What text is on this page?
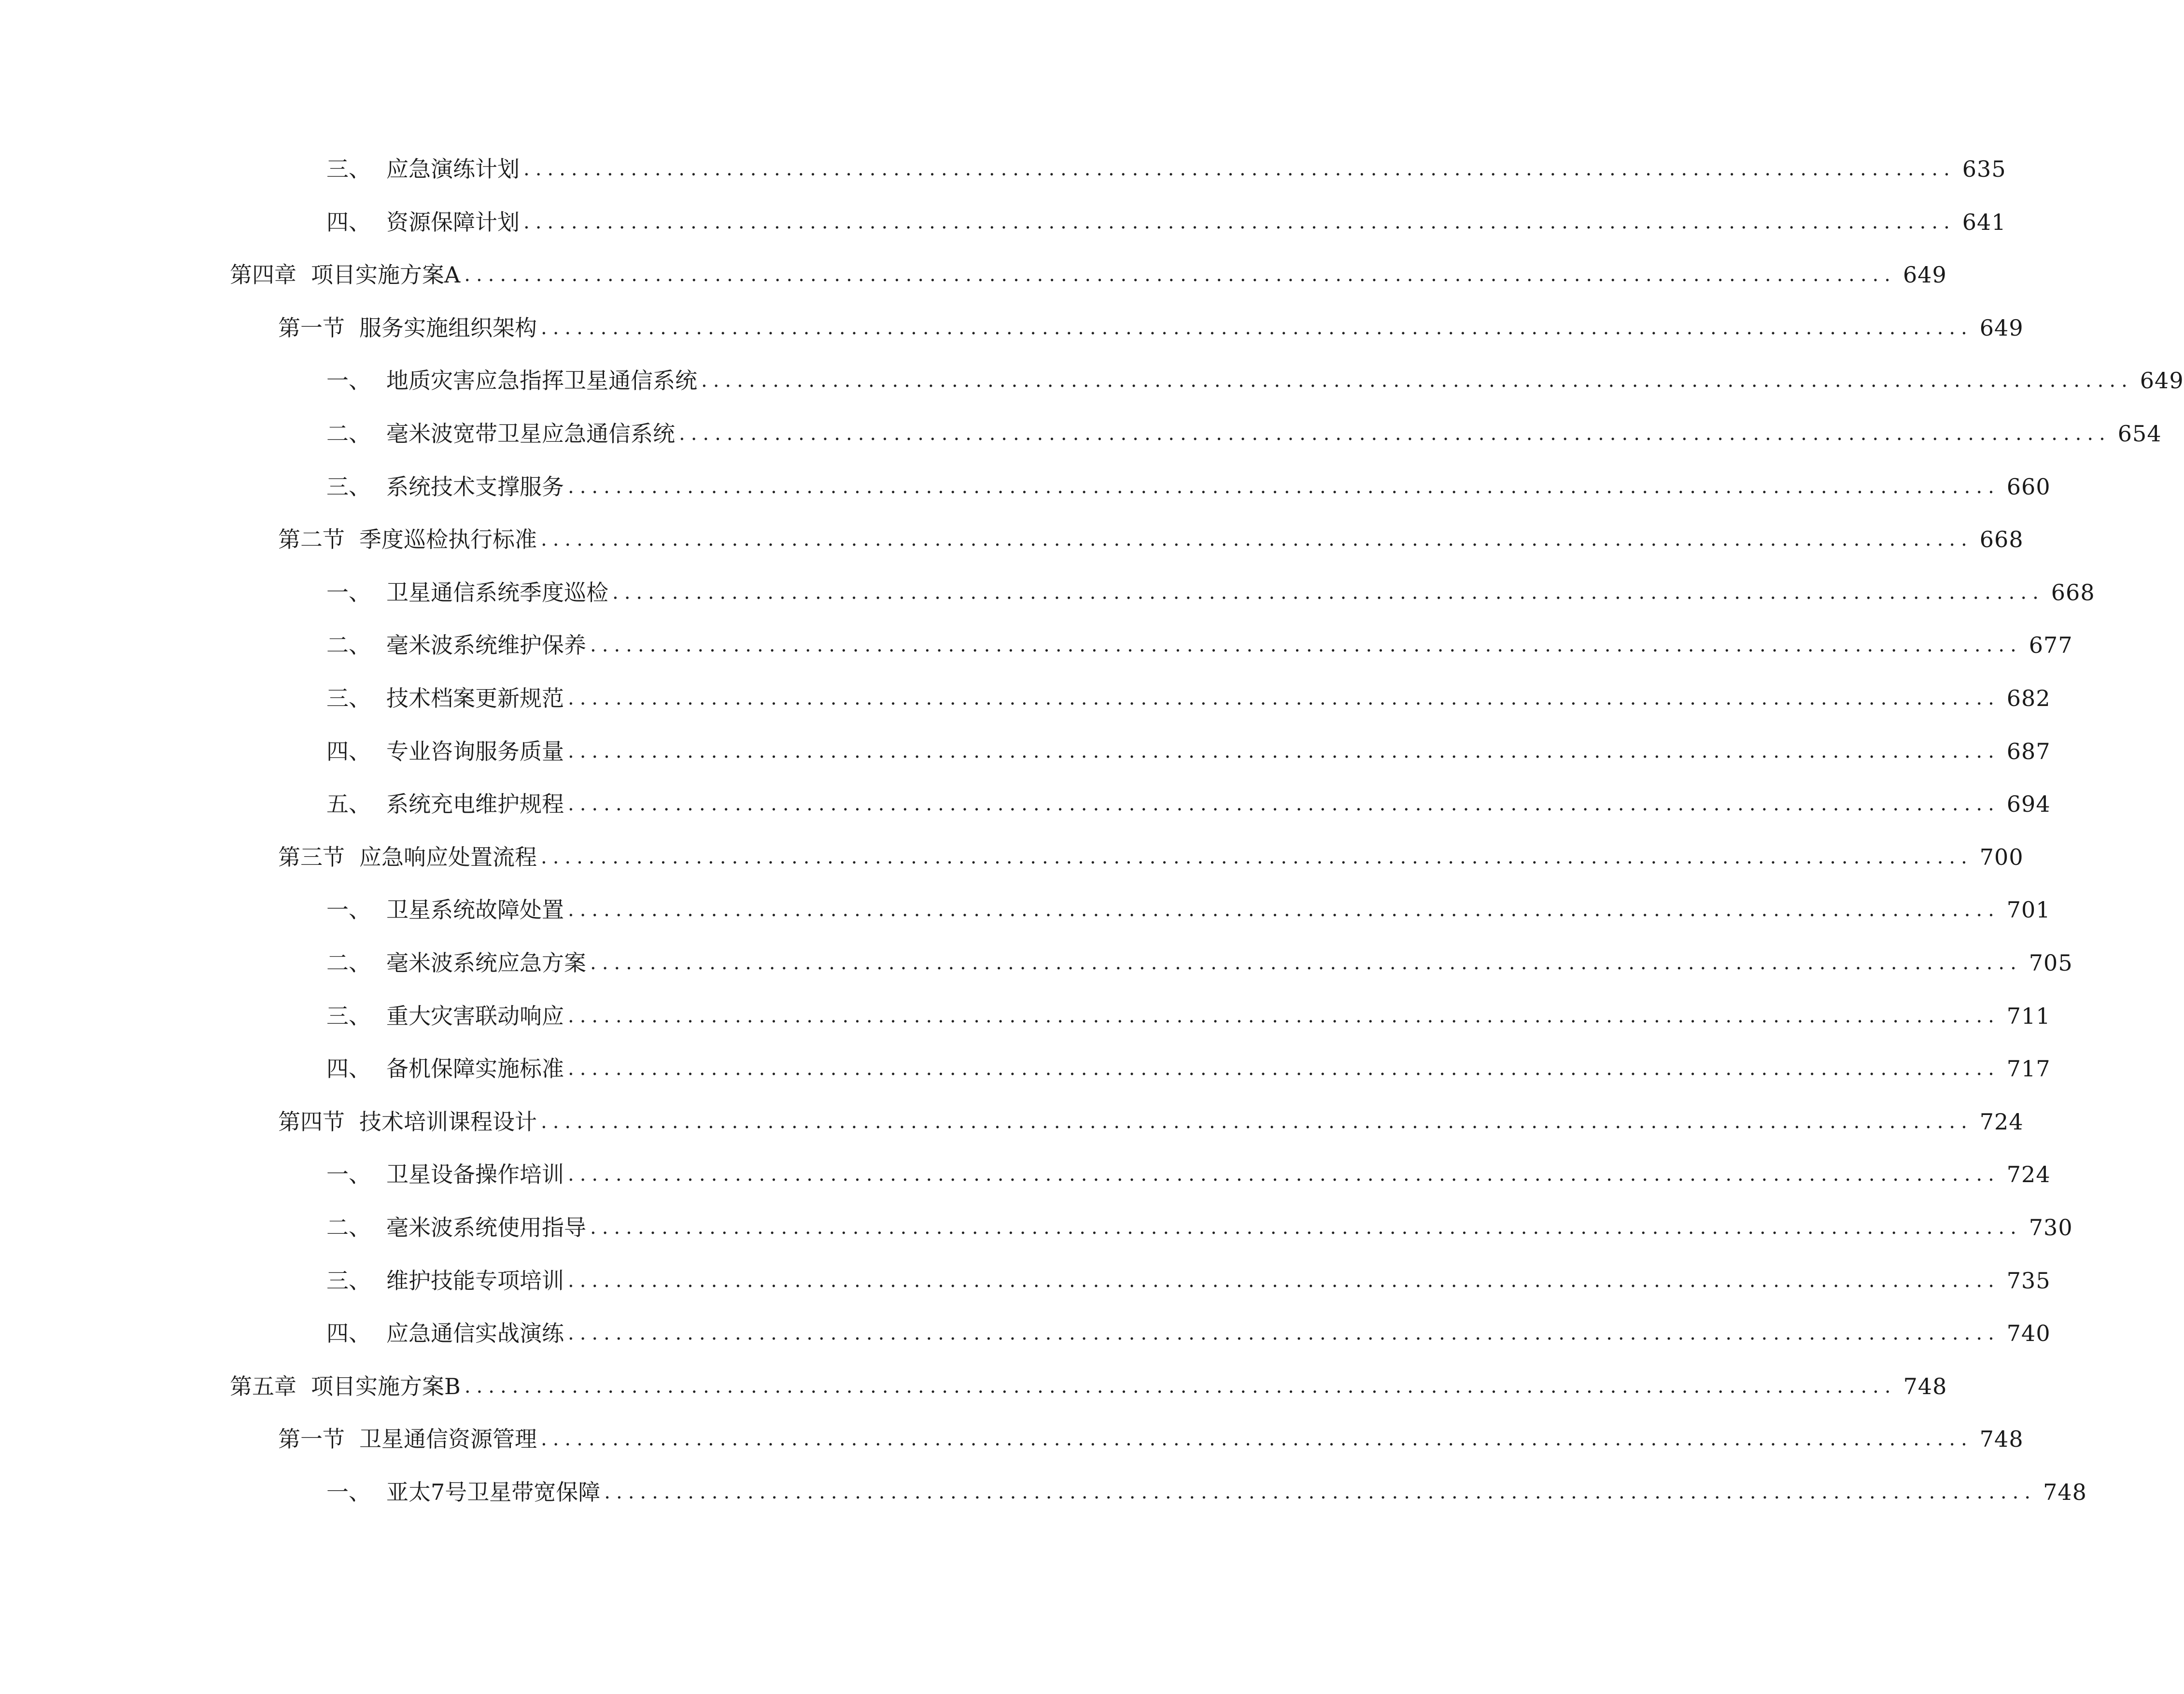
三、 应急演练计划 ........................................................................................................................ 635
四、 资源保障计划 ........................................................................................................................ 641
第四章 项目实施方案A ........................................................................................................................ 649
第一节 服务实施组织架构 ........................................................................................................................ 649
一、 地质灾害应急指挥卫星通信系统 ........................................................................................................................ 649
二、 毫米波宽带卫星应急通信系统 ........................................................................................................................ 654
三、 系统技术支撑服务 ........................................................................................................................ 660
第二节 季度巡检执行标准 ........................................................................................................................ 668
一、 卫星通信系统季度巡检 ........................................................................................................................ 668
二、 毫米波系统维护保养 ........................................................................................................................ 677
三、 技术档案更新规范 ........................................................................................................................ 682
四、 专业咨询服务质量 ........................................................................................................................ 687
五、 系统充电维护规程 ........................................................................................................................ 694
第三节 应急响应处置流程 ........................................................................................................................ 700
一、 卫星系统故障处置 ........................................................................................................................ 701
二、 毫米波系统应急方案 ........................................................................................................................ 705
三、 重大灾害联动响应 ........................................................................................................................ 711
四、 备机保障实施标准 ........................................................................................................................ 717
第四节 技术培训课程设计 ........................................................................................................................ 724
一、 卫星设备操作培训 ........................................................................................................................ 724
二、 毫米波系统使用指导 ........................................................................................................................ 730
三、 维护技能专项培训 ........................................................................................................................ 735
四、 应急通信实战演练 ........................................................................................................................ 740
第五章 项目实施方案B ........................................................................................................................ 748
第一节 卫星通信资源管理 ........................................................................................................................ 748
一、 亚太7号卫星带宽保障 ........................................................................................................................ 748
